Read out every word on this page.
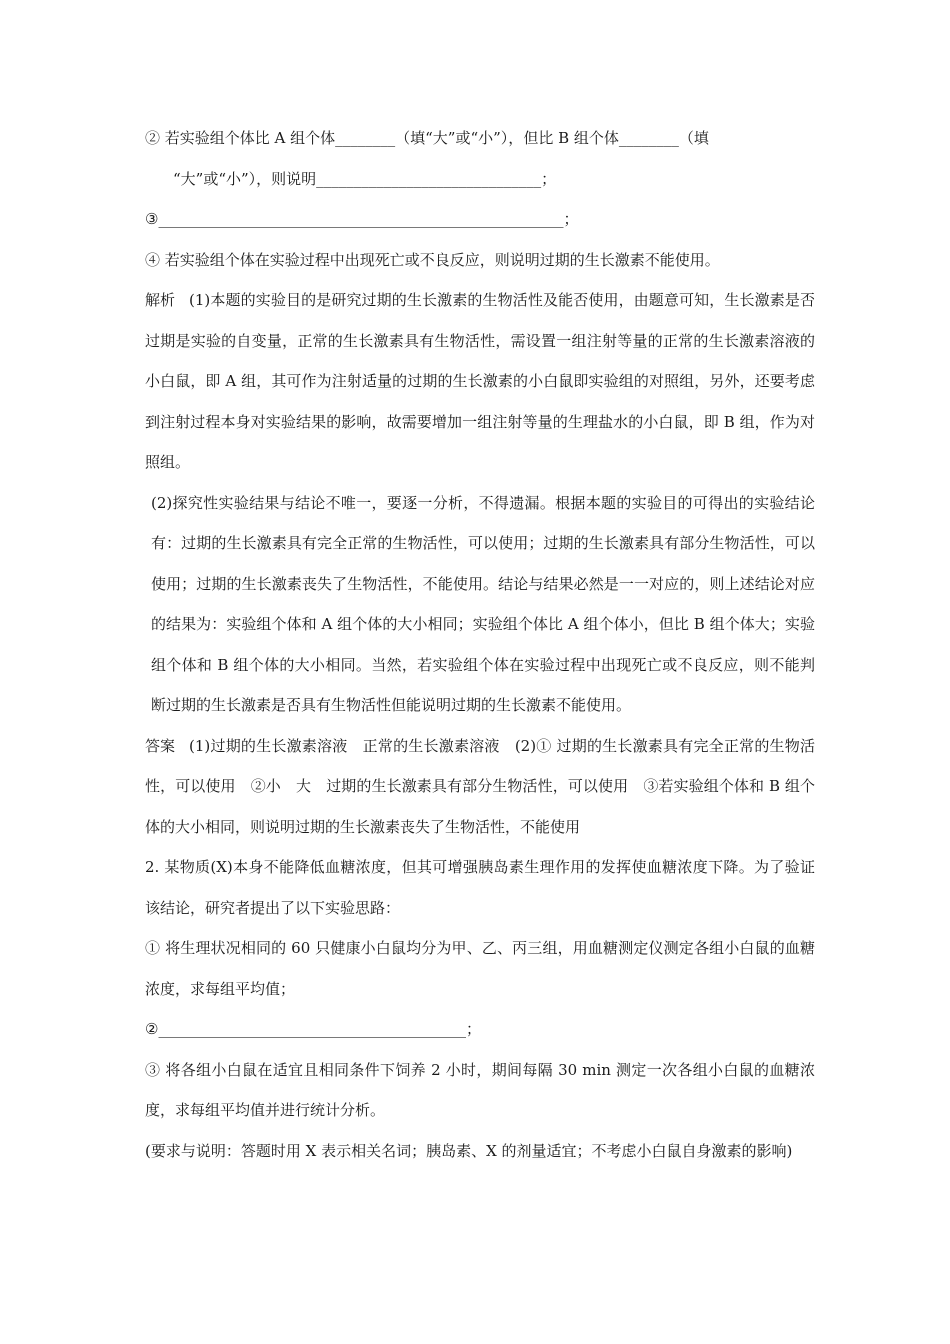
② 若实验组个体比 A 组个体________（填“大”或“小”），但比 B 组个体________（填
“大”或“小”），则说明______________________________；
③______________________________________________________；
④ 若实验组个体在实验过程中出现死亡或不良反应，则说明过期的生长激素不能使用。
解析 (1)本题的实验目的是研究过期的生长激素的生物活性及能否使用，由题意可知，生长激素是否过期是实验的自变量，正常的生长激素具有生物活性，需设置一组注射等量的正常的生长激素溶液的小白鼠，即 A 组，其可作为注射适量的过期的生长激素的小白鼠即实验组的对照组，另外，还要考虑到注射过程本身对实验结果的影响，故需要增加一组注射等量的生理盐水的小白鼠，即 B 组，作为对照组。
(2)探究性实验结果与结论不唯一，要逐一分析，不得遗漏。根据本题的实验目的可得出的实验结论有：过期的生长激素具有完全正常的生物活性，可以使用；过期的生长激素具有部分生物活性，可以使用；过期的生长激素丧失了生物活性，不能使用。结论与结果必然是一一对应的，则上述结论对应的结果为：实验组个体和 A 组个体的大小相同；实验组个体比 A 组个体小，但比 B 组个体大；实验组个体和 B 组个体的大小相同。当然，若实验组个体在实验过程中出现死亡或不良反应，则不能判断过期的生长激素是否具有生物活性但能说明过期的生长激素不能使用。
答案 (1)过期的生长激素溶液　正常的生长激素溶液　(2)① 过期的生长激素具有完全正常的生物活性，可以使用　②小　大　过期的生长激素具有部分生物活性，可以使用　③若实验组个体和 B 组个体的大小相同，则说明过期的生长激素丧失了生物活性，不能使用
2. 某物质(X)本身不能降低血糖浓度，但其可增强胰岛素生理作用的发挥使血糖浓度下降。为了验证该结论，研究者提出了以下实验思路：
① 将生理状况相同的 60 只健康小白鼠均分为甲、乙、丙三组，用血糖测定仪测定各组小白鼠的血糖浓度，求每组平均值；
②_________________________________________；
③ 将各组小白鼠在适宜且相同条件下饲养 2 小时，期间每隔 30 min 测定一次各组小白鼠的血糖浓度，求每组平均值并进行统计分析。
(要求与说明：答题时用 X 表示相关名词；胰岛素、X 的剂量适宜；不考虑小白鼠自身激素的影响)
